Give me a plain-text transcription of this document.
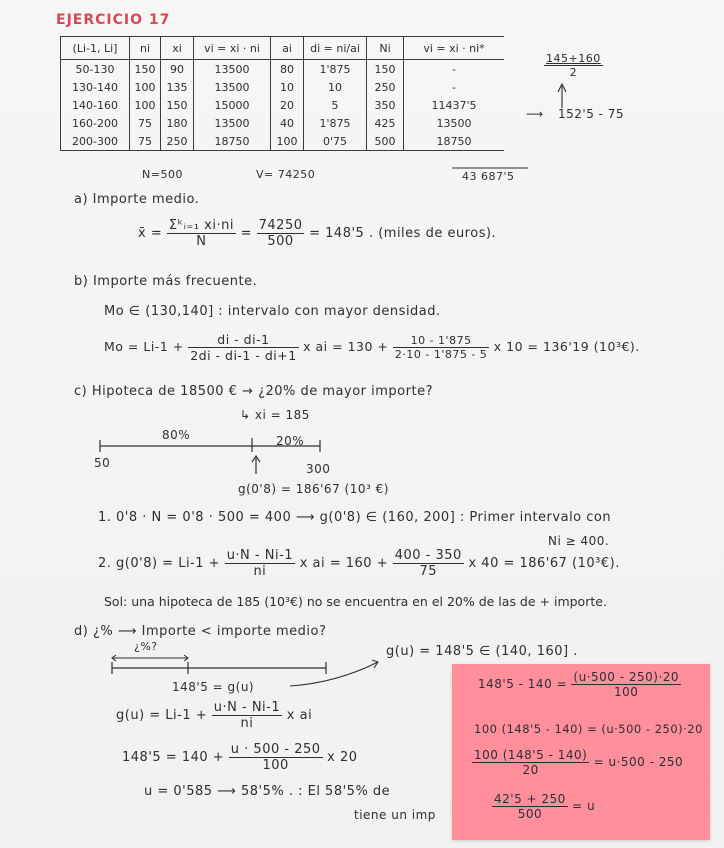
EJERCICIO 17
(Li-1, Li]	ni	xi	vi = xi · ni	ai	di = ni/ai	Ni	vi = xi · ni*
50-130	150	90	13500	80	1'875	150	-
130-140	100	135	13500	10	10	250	-
140-160	100	150	15000	20	5	350	11437'5
160-200	75	180	13500	40	1'875	425	13500
200-300	75	250	18750	100	0'75	500	18750
N=500	V= 74250	43 687'5
$\frac{145+160}{2}$
⟶ 152'5 - 75
a) Importe medio.
x̄ = $\frac{\text{Σᵏᵢ₌₁ xi·ni}}{N} = \frac{74250}{500} = 148'5$ . (miles de euros).
b) Importe más frecuente.
Mo ∈ (130,140] : intervalo con mayor densidad.
$Mo = Li-1 + \frac{di - di-1}{2di - di-1 - di+1}$ x ai = $130 + \frac{10 - 1'875}{2\cdot 10 - 1'875 - 5}$ x 10 = 136'19 (10³€).
c) Hipoteca de 18500 € → ¿20% de mayor importe?
↳ xi = 185
80%	20%
50	300
g(0'8) = 186'67 (10³ €)
1. 0'8 · N = 0'8 · 500 = 400 ⟶ g(0'8) ∈ (160, 200] : Primer intervalo con
Ni ≥ 400.
2. $g(0'8) = Li-1 + \frac{u\cdot N - Ni-1}{ni}$ x ai = $160 + \frac{400 - 350}{75}$ x 40 = 186'67 (10³€).
Sol: una hipoteca de 185 (10³€) no se encuentra en el 20% de las de + importe.
d) ¿% ⟶ Importe < importe medio?
¿%?
148'5 = g(u)
g(u) = 148'5 ∈ (140, 160] .
$g(u) = Li-1 + \frac{u\cdot N - Ni-1}{ni}$ x ai
$148'5 = 140 + \frac{u \cdot 500 - 250}{100}$ x 20
u = 0'585 ⟶ 58'5% . : El 58'5% de
tiene un imp
$148'5 - 140 = \frac{(u\cdot 500 - 250)\cdot 20}{100}$
100 (148'5 - 140) = (u·500 - 250)·20
$\frac{100 (148'5 - 140)}{20} = u\cdot 500 - 250$
$\frac{42'5 + 250}{500} = u$
